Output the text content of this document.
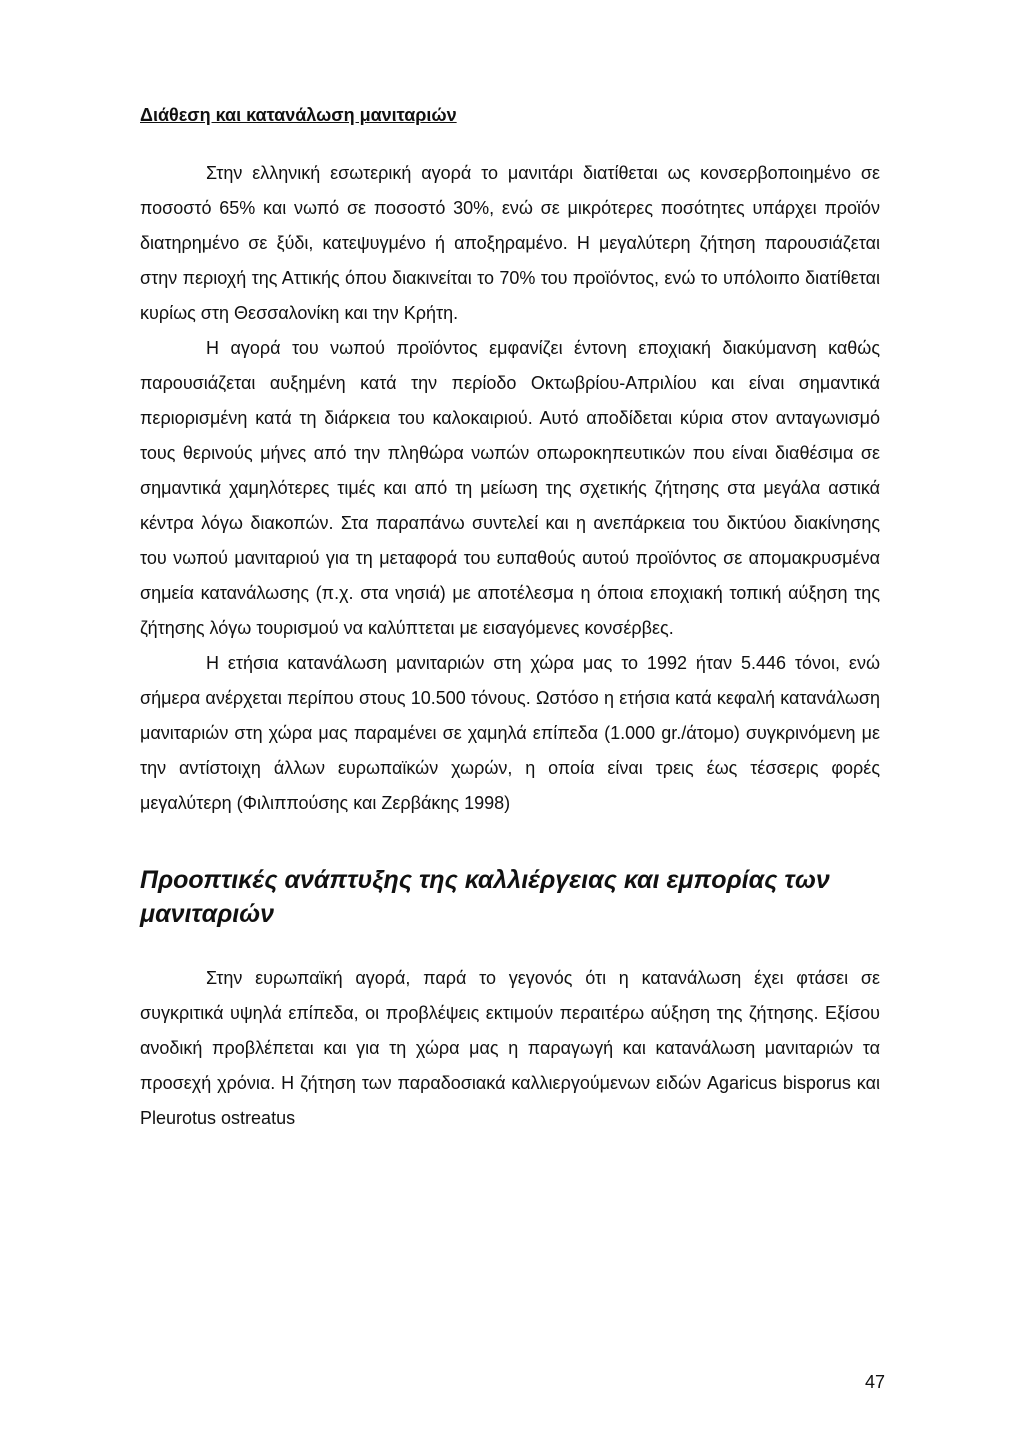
Διάθεση και κατανάλωση μανιταριών

Στην ελληνική εσωτερική αγορά το μανιτάρι διατίθεται ως κονσερβοποιημένο σε ποσοστό 65% και νωπό σε ποσοστό 30%, ενώ σε μικρότερες ποσότητες υπάρχει προϊόν διατηρημένο σε ξύδι, κατεψυγμένο ή αποξηραμένο. Η μεγαλύτερη ζήτηση παρουσιάζεται στην περιοχή της Αττικής όπου διακινείται το 70% του προϊόντος, ενώ το υπόλοιπο διατίθεται κυρίως στη Θεσσαλονίκη και την Κρήτη.

Η αγορά του νωπού προϊόντος εμφανίζει έντονη εποχιακή διακύμανση καθώς παρουσιάζεται αυξημένη κατά την περίοδο Οκτωβρίου-Απριλίου και είναι σημαντικά περιορισμένη κατά τη διάρκεια του καλοκαιριού. Αυτό αποδίδεται κύρια στον ανταγωνισμό τους θερινούς μήνες από την πληθώρα νωπών οπωροκηπευτικών που είναι διαθέσιμα σε σημαντικά χαμηλότερες τιμές και από τη μείωση της σχετικής ζήτησης στα μεγάλα αστικά κέντρα λόγω διακοπών. Στα παραπάνω συντελεί και η ανεπάρκεια του δικτύου διακίνησης του νωπού μανιταριού για τη μεταφορά του ευπαθούς αυτού προϊόντος σε απομακρυσμένα σημεία κατανάλωσης (π.χ. στα νησιά) με αποτέλεσμα η όποια εποχιακή τοπική αύξηση της ζήτησης λόγω τουρισμού να καλύπτεται με εισαγόμενες κονσέρβες.

Η ετήσια κατανάλωση μανιταριών στη χώρα μας το 1992 ήταν 5.446 τόνοι, ενώ σήμερα ανέρχεται περίπου στους 10.500 τόνους. Ωστόσο η ετήσια κατά κεφαλή κατανάλωση μανιταριών στη χώρα μας παραμένει σε χαμηλά επίπεδα (1.000 gr./άτομο) συγκρινόμενη με την αντίστοιχη άλλων ευρωπαϊκών χωρών, η οποία είναι τρεις έως τέσσερις φορές μεγαλύτερη (Φιλιππούσης και Ζερβάκης 1998)

Προοπτικές ανάπτυξης της καλλιέργειας και εμπορίας των μανιταριών

Στην ευρωπαϊκή αγορά, παρά το γεγονός ότι η κατανάλωση έχει φτάσει σε συγκριτικά υψηλά επίπεδα, οι προβλέψεις εκτιμούν περαιτέρω αύξηση της ζήτησης. Εξίσου ανοδική προβλέπεται και για τη χώρα μας η παραγωγή και κατανάλωση μανιταριών τα προσεχή χρόνια. Η ζήτηση των παραδοσιακά καλλιεργούμενων ειδών Agaricus bisporus και Pleurotus ostreatus

47
